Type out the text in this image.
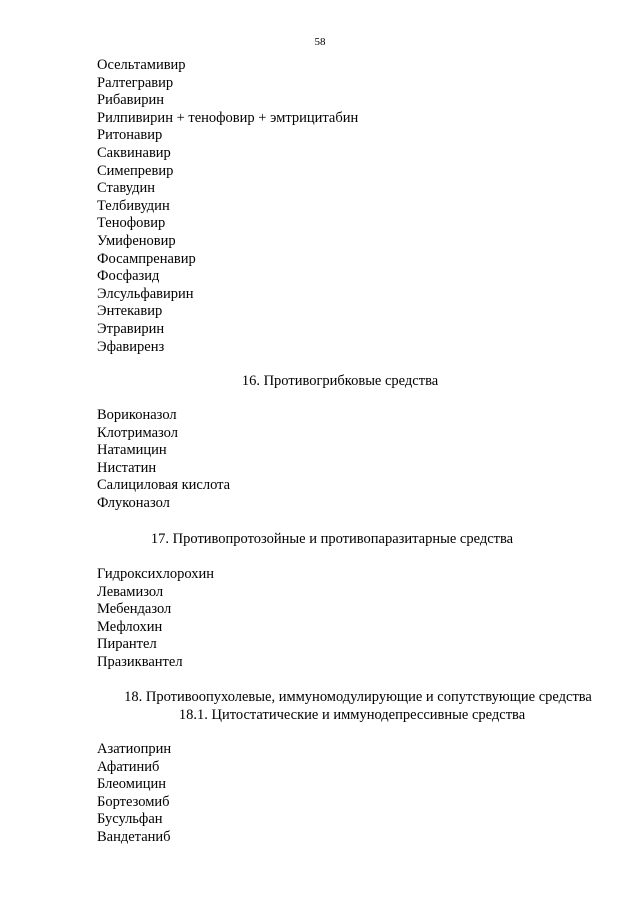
58
Осельтамивир
Ралтегравир
Рибавирин
Рилпивирин + тенофовир + эмтрицитабин
Ритонавир
Саквинавир
Симепревир
Ставудин
Телбивудин
Тенофовир
Умифеновир
Фосампренавир
Фосфазид
Элсульфавирин
Энтекавир
Этравирин
Эфавиренз
16. Противогрибковые средства
Вориконазол
Клотримазол
Натамицин
Нистатин
Салициловая кислота
Флуконазол
17. Противопротозойные и противопаразитарные средства
Гидроксихлорохин
Левамизол
Мебендазол
Мефлохин
Пирантел
Празиквантел
18. Противоопухолевые, иммуномодулирующие и сопутствующие средства
18.1. Цитостатические и иммунодепрессивные средства
Азатиоприн
Афатиниб
Блеомицин
Бортезомиб
Бусульфан
Вандетаниб
